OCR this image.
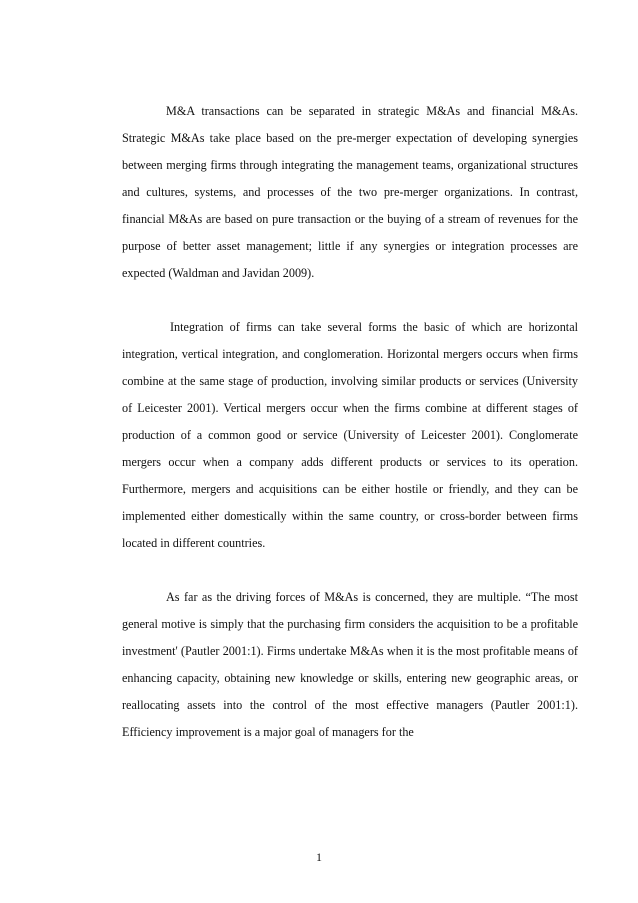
M&A transactions can be separated in strategic M&As and financial M&As. Strategic M&As take place based on the pre-merger expectation of developing synergies between merging firms through integrating the management teams, organizational structures and cultures, systems, and processes of the two pre-merger organizations. In contrast, financial M&As are based on pure transaction or the buying of a stream of revenues for the purpose of better asset management; little if any synergies or integration processes are expected (Waldman and Javidan 2009).

Integration of firms can take several forms the basic of which are horizontal integration, vertical integration, and conglomeration. Horizontal mergers occurs when firms combine at the same stage of production, involving similar products or services (University of Leicester 2001). Vertical mergers occur when the firms combine at different stages of production of a common good or service (University of Leicester 2001). Conglomerate mergers occur when a company adds different products or services to its operation. Furthermore, mergers and acquisitions can be either hostile or friendly, and they can be implemented either domestically within the same country, or cross-border between firms located in different countries.

As far as the driving forces of M&As is concerned, they are multiple. “The most general motive is simply that the purchasing firm considers the acquisition to be a profitable investment' (Pautler 2001:1). Firms undertake M&As when it is the most profitable means of enhancing capacity, obtaining new knowledge or skills, entering new geographic areas, or reallocating assets into the control of the most effective managers (Pautler 2001:1). Efficiency improvement is a major goal of managers for the

1
